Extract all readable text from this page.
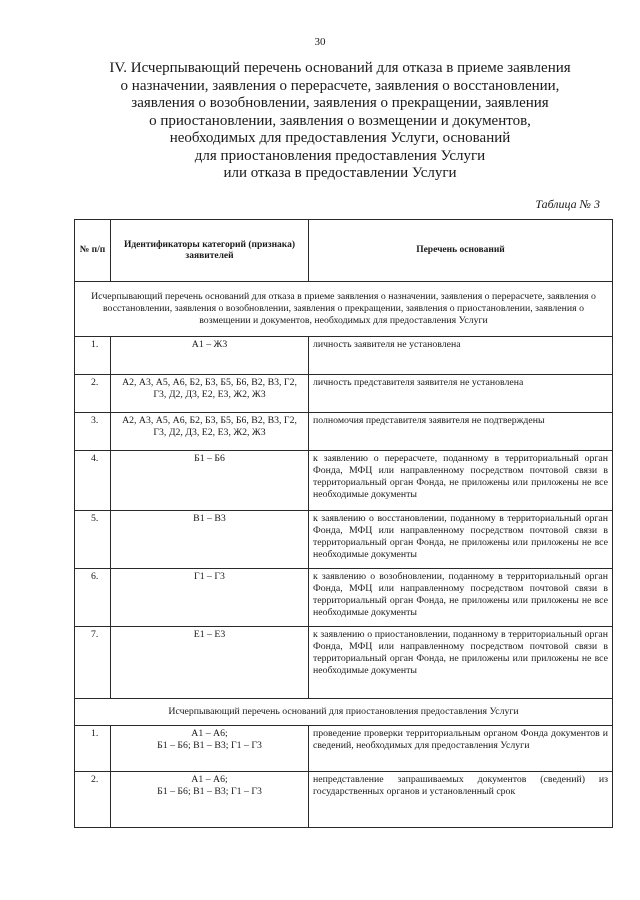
30
IV. Исчерпывающий перечень оснований для отказа в приеме заявления
о назначении, заявления о перерасчете, заявления о восстановлении,
заявления о возобновлении, заявления о прекращении, заявления
о приостановлении, заявления о возмещении и документов,
необходимых для предоставления Услуги, оснований
для приостановления предоставления Услуги
или отказа в предоставлении Услуги
Таблица № 3
№ п/п	Идентификаторы категорий (признака) заявителей	Перечень оснований
Исчерпывающий перечень оснований для отказа в приеме заявления о назначении, заявления о перерасчете, заявления о восстановлении, заявления о возобновлении, заявления о прекращении, заявления о приостановлении, заявления о возмещении и документов, необходимых для предоставления Услуги		
1.	А1 – Ж3	личность заявителя не установлена
2.	А2, А3, А5, А6, Б2, Б3, Б5, Б6, В2, В3, Г2, Г3, Д2, Д3, Е2, Е3, Ж2, Ж3	личность представителя заявителя не установлена
3.	А2, А3, А5, А6, Б2, Б3, Б5, Б6, В2, В3, Г2, Г3, Д2, Д3, Е2, Е3, Ж2, Ж3	полномочия представителя заявителя не подтверждены
4.	Б1 – Б6	к заявлению о перерасчете, поданному в территориальный орган Фонда, МФЦ или направленному посредством почтовой связи в территориальный орган Фонда, не приложены или приложены не все необходимые документы
5.	В1 – В3	к заявлению о восстановлении, поданному в территориальный орган Фонда, МФЦ или направленному посредством почтовой связи в территориальный орган Фонда, не приложены или приложены не все необходимые документы
6.	Г1 – Г3	к заявлению о возобновлении, поданному в территориальный орган Фонда, МФЦ или направленному посредством почтовой связи в территориальный орган Фонда, не приложены или приложены не все необходимые документы
7.	Е1 – Е3	к заявлению о приостановлении, поданному в территориальный орган Фонда, МФЦ или направленному посредством почтовой связи в территориальный орган Фонда, не приложены или приложены не все необходимые документы
Исчерпывающий перечень оснований для приостановления предоставления Услуги		
1.	А1 – А6;
Б1 – Б6; В1 – В3; Г1 – Г3	проведение проверки территориальным органом Фонда документов и сведений, необходимых для предоставления Услуги
2.	А1 – А6;
Б1 – Б6; В1 – В3; Г1 – Г3	непредставление запрашиваемых документов (сведений) из государственных органов и установленный срок
